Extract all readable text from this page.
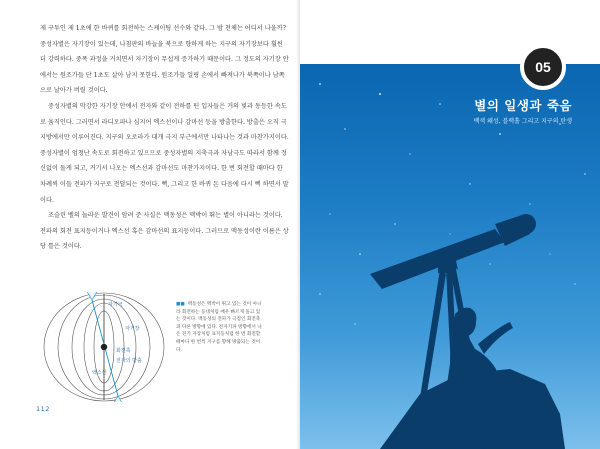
제 구투인 제 1초에 한 바퀴를 회전하는 스케이팅 선수와 같다. 그 밤 천체는 어디서 나올까? 중성자별은 자기장이 있는데, 나침판의 바늘을 북으로 향하게 하는 지구의 자기장보다 훨씬 더 강력하다. 중폭 과정을 거치면서 자기장이 무섭게 증가하기 때문이다. 그 정도의 자기장 안에서는 원조가들 단 1초도 살아 남지 못한다. 원조가들 일링 손에서 빠져나가 북쪽이나 남쪽으로 날아가 버릴 것이다.

중성자별의 막강한 자기장 안에서 전자와 같이 전하를 띤 입자들은 거의 빛과 동등한 속도로 움직인다. 그러면서 라디오파나 심지어 엑스선이나 감마선 등을 방출한다. 방출은 오직 극지방에서만 이루어진다. 지구의 오로라가 대개 극지 부근에서만 나타나는 것과 마찬가지이다. 중성자별이 엄청난 속도로 회전하고 있으므로 중성자별의 지축극과 자남극도 따라서 함께 정신없이 돌게 되고, 거기서 나오는 엑스선과 감마선도 마찬가지이다. 한 번 회전할 때마다 한 차례씩 이들 전파가 지구로 전달되는 것이다. 뻑, 그리고 한 바퀴 돈 다음에 다시 뻑 하면서 말이다.

조슬린 벨의 놀라운 발견이 암려 준 사실은 맥동성은 맥박이 뛰는 별이 아니라는 것이다. 전파의 회전 표지등이거나 엑스선 혹은 감마선의 표지등이다. 그러므로 맥동성이란 이름은 상당 틀은 것이다.

자기장
회전축
전자의 방출
엑스선
자기극	■■ 맥동성은 맥박이 뛰고 있는 것이 아니라 회전하는 등대처럼 매우 빠르게 돌고 있는 것이다. 맥동성의 전파가 극점인 회전축과 다른 방향에 있다. 전자기파 방향에서 나온 전기 자장처럼 표지등처럼 한 번 회전할 때마다 한 번씩 지구를 향해 방출되는 것이다.
112
05
별의 일생과 죽음
백색 왜성, 블랙홀 그리고 지구의 탄생
